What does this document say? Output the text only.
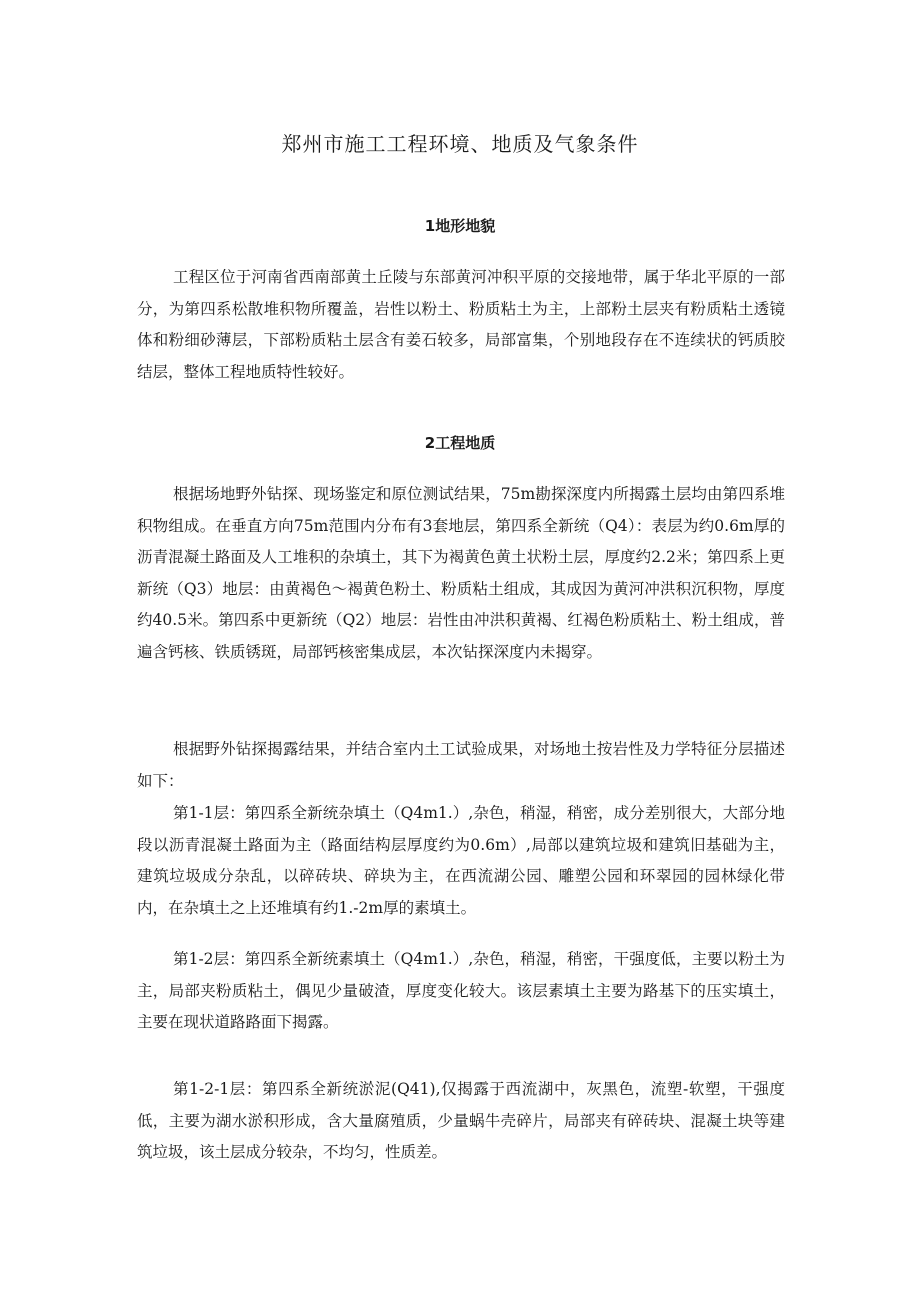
郑州市施工工程环境、地质及气象条件
1地形地貌

工程区位于河南省西南部黄土丘陵与东部黄河冲积平原的交接地带，属于华北平原的一部分，为第四系松散堆积物所覆盖，岩性以粉土、粉质粘土为主，上部粉土层夹有粉质粘土透镜体和粉细砂薄层，下部粉质粘土层含有姜石较多，局部富集，个别地段存在不连续状的钙质胶结层，整体工程地质特性较好。

2工程地质

根据场地野外钻探、现场鉴定和原位测试结果，75m勘探深度内所揭露土层均由第四系堆积物组成。在垂直方向75m范围内分布有3套地层，第四系全新统（Q4）：表层为约0.6m厚的沥青混凝土路面及人工堆积的杂填土，其下为褐黄色黄土状粉土层，厚度约2.2米；第四系上更新统（Q3）地层：由黄褐色～褐黄色粉土、粉质粘土组成，其成因为黄河冲洪积沉积物，厚度约40.5米。第四系中更新统（Q2）地层：岩性由冲洪积黄褐、红褐色粉质粘土、粉土组成，普遍含钙核、铁质锈斑，局部钙核密集成层，本次钻探深度内未揭穿。

根据野外钻探揭露结果，并结合室内土工试验成果，对场地土按岩性及力学特征分层描述如下：

第1-1层：第四系全新统杂填土（Q4m1.）,杂色，稍湿，稍密，成分差别很大，大部分地段以沥青混凝土路面为主（路面结构层厚度约为0.6m）,局部以建筑垃圾和建筑旧基础为主，建筑垃圾成分杂乱，以碎砖块、碎块为主，在西流湖公园、雕塑公园和环翠园的园林绿化带内，在杂填土之上还堆填有约1.-2m厚的素填土。

第1-2层：第四系全新统素填土（Q4m1.）,杂色，稍湿，稍密，干强度低，主要以粉土为主，局部夹粉质粘土，偶见少量破渣，厚度变化较大。该层素填土主要为路基下的压实填土，主要在现状道路路面下揭露。

第1-2-1层：第四系全新统淤泥(Q41),仅揭露于西流湖中，灰黑色，流塑-软塑，干强度低，主要为湖水淤积形成，含大量腐殖质，少量蜗牛壳碎片，局部夹有碎砖块、混凝土块等建筑垃圾，该土层成分较杂，不均匀，性质差。
